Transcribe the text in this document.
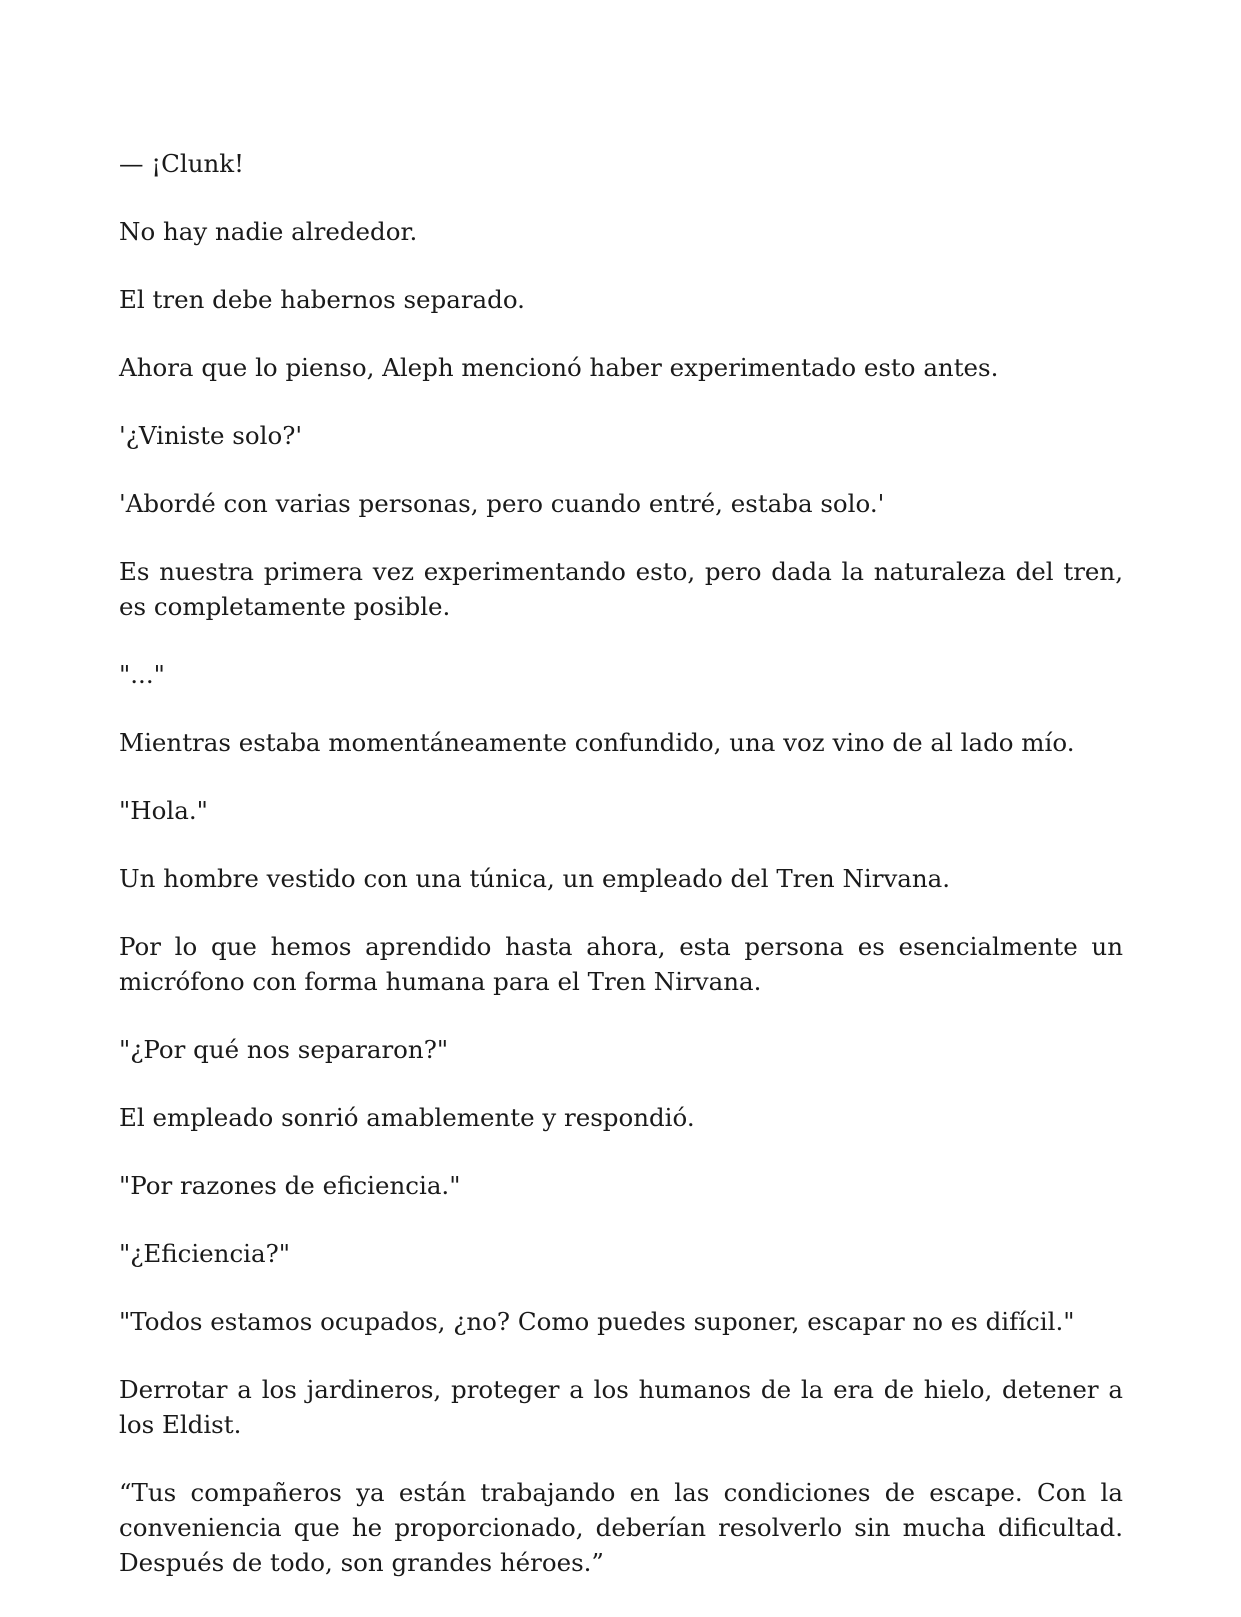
— ¡Clunk!

No hay nadie alrededor.

El tren debe habernos separado.

Ahora que lo pienso, Aleph mencionó haber experimentado esto antes.

'¿Viniste solo?'

'Abordé con varias personas, pero cuando entré, estaba solo.'

Es nuestra primera vez experimentando esto, pero dada la naturaleza del tren, es completamente posible.

"..."

Mientras estaba momentáneamente confundido, una voz vino de al lado mío.

"Hola."

Un hombre vestido con una túnica, un empleado del Tren Nirvana.

Por lo que hemos aprendido hasta ahora, esta persona es esencialmente un micrófono con forma humana para el Tren Nirvana.

"¿Por qué nos separaron?"

El empleado sonrió amablemente y respondió.

"Por razones de eficiencia."

"¿Eficiencia?"

"Todos estamos ocupados, ¿no? Como puedes suponer, escapar no es difícil."

Derrotar a los jardineros, proteger a los humanos de la era de hielo, detener a los Eldist.

“Tus compañeros ya están trabajando en las condiciones de escape. Con la conveniencia que he proporcionado, deberían resolverlo sin mucha dificultad. Después de todo, son grandes héroes.”
